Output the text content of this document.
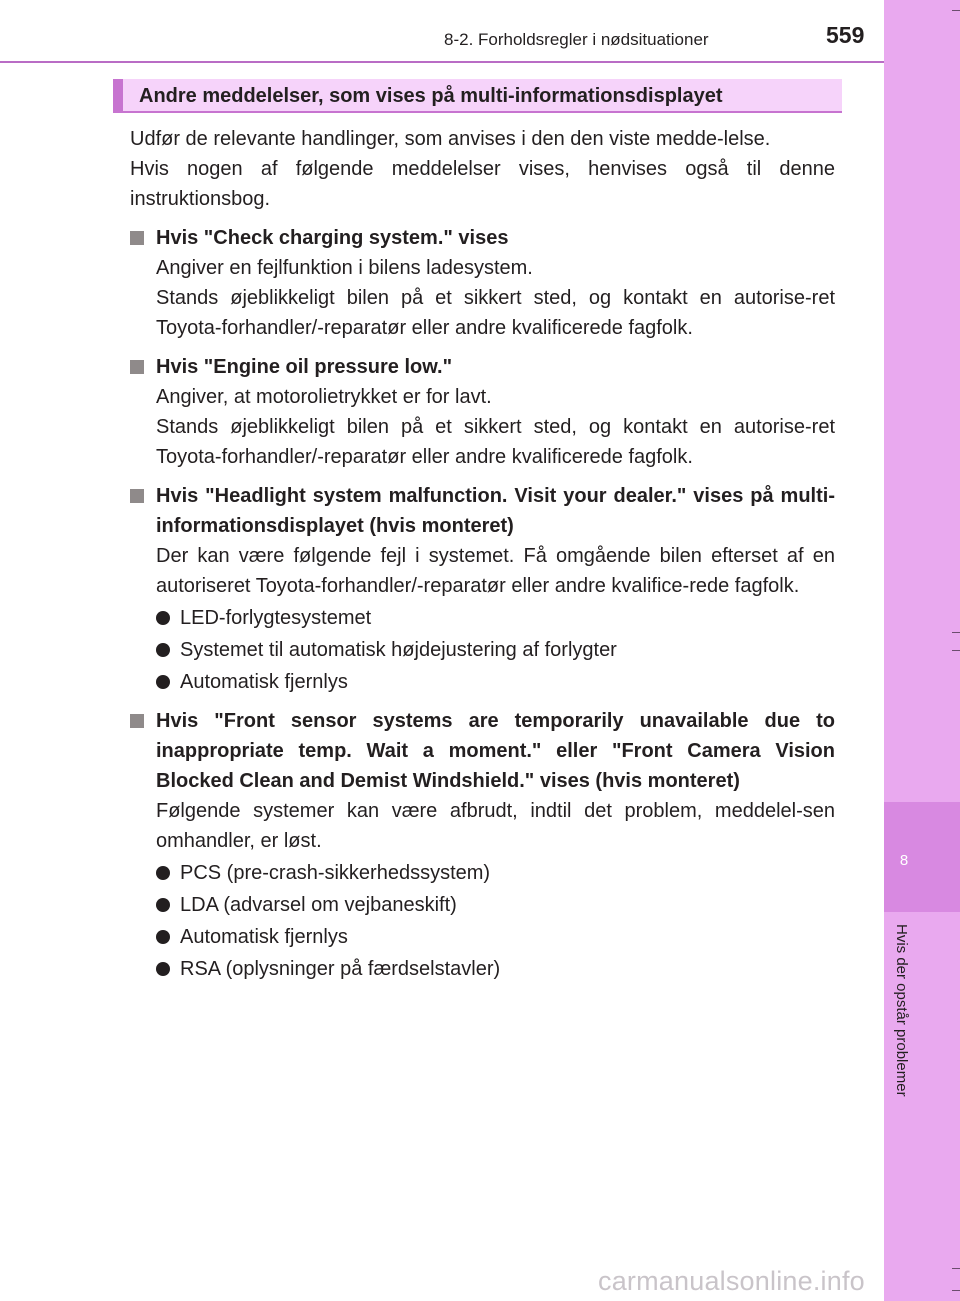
8
Hvis der opstår problemer
8-2. Forholdsregler i nødsituationer	559
Andre meddelelser, som vises på multi-informationsdisplayet

Udfør de relevante handlinger, som anvises i den den viste medde-lelse.

Hvis nogen af følgende meddelelser vises, henvises også til denne instruktionsbog.

Hvis "Check charging system." vises

Angiver en fejlfunktion i bilens ladesystem.

Stands øjeblikkeligt bilen på et sikkert sted, og kontakt en autorise-ret Toyota-forhandler/-reparatør eller andre kvalificerede fagfolk.

Hvis "Engine oil pressure low."

Angiver, at motorolietrykket er for lavt.

Stands øjeblikkeligt bilen på et sikkert sted, og kontakt en autorise-ret Toyota-forhandler/-reparatør eller andre kvalificerede fagfolk.

Hvis "Headlight system malfunction. Visit your dealer." vises på multi-informationsdisplayet (hvis monteret)

Der kan være følgende fejl i systemet. Få omgående bilen efterset af en autoriseret Toyota-forhandler/-reparatør eller andre kvalifice-rede fagfolk.

LED-forlygtesystemet
Systemet til automatisk højdejustering af forlygter
Automatisk fjernlys
Hvis "Front sensor systems are temporarily unavailable due to inappropriate temp. Wait a moment." eller "Front Camera Vision Blocked Clean and Demist Windshield." vises (hvis monteret)

Følgende systemer kan være afbrudt, indtil det problem, meddelel-sen omhandler, er løst.

PCS (pre-crash-sikkerhedssystem)
LDA (advarsel om vejbaneskift)
Automatisk fjernlys
RSA (oplysninger på færdselstavler)
carmanualsonline.info
